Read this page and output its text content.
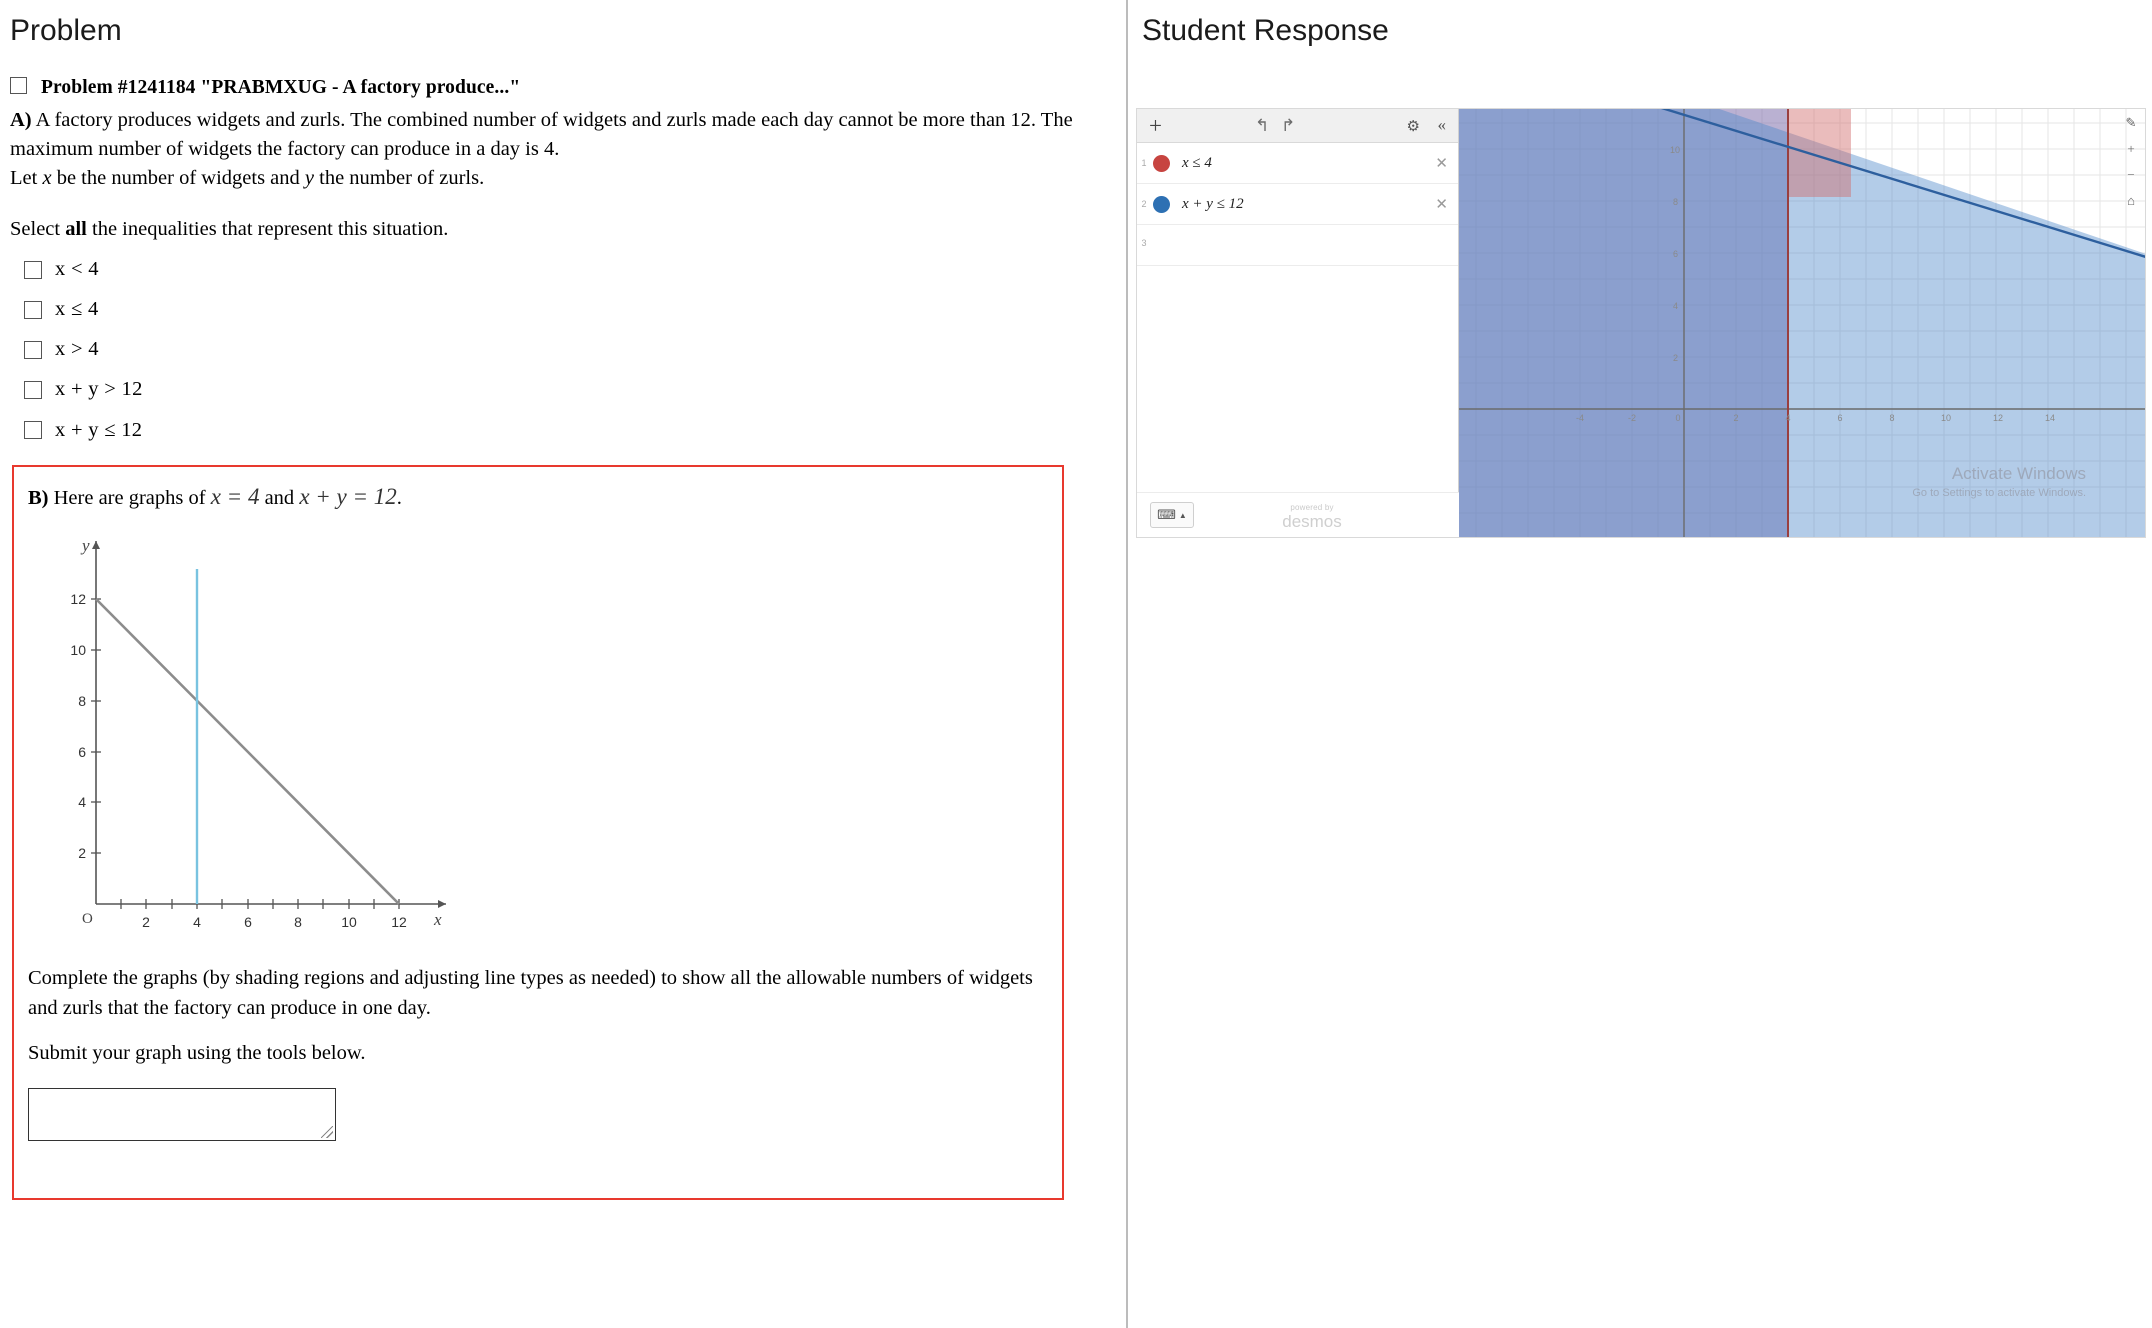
Problem
Problem #1241184 "PRABMXUG - A factory produce..."
A) A factory produces widgets and zurls. The combined number of widgets and zurls made each day cannot be more than 12. The maximum number of widgets the factory can produce in a day is 4.
Let x be the number of widgets and y the number of zurls.
Select all the inequalities that represent this situation.
x < 4
x ≤ 4
x > 4
x + y > 12
x + y ≤ 12
B) Here are graphs of x = 4 and x + y = 12.
y
x
O	2	4	6	8	10 12
2
4
6
8
10
12
Complete the graphs (by shading regions and adjusting line types as needed) to show all the allowable numbers of widgets and zurls that the factory can produce in one day.
Submit your graph using the tools below.
Student Response
+	↰ ↱	⚙ «
1	x ≤ 4	✕
2	x + y ≤ 12	✕
3
⌨ ▲
powered by
desmos
-4	-2	0	2	4	6	8	10	12	14
2
4
6
8
10
✎
+
−
⌂
Activate Windows
Go to Settings to activate Windows.
